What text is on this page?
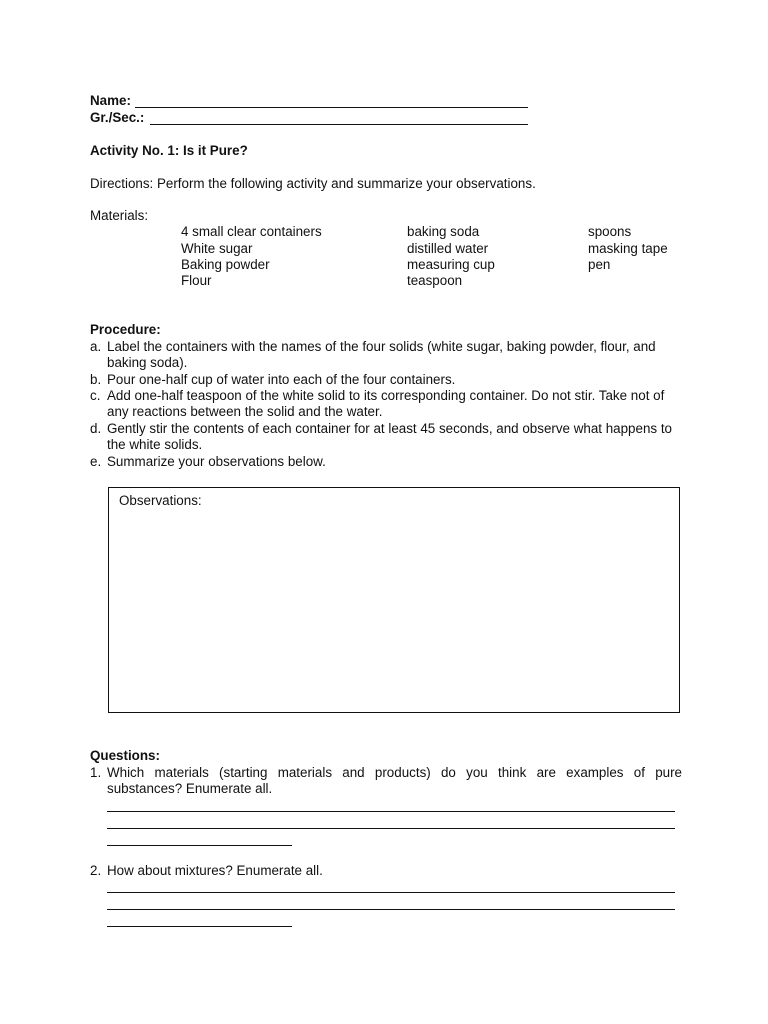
Name:
Gr./Sec.:
Activity No. 1: Is it Pure?
Directions: Perform the following activity and summarize your observations.
Materials:
4 small clear containers
White sugar
Baking powder
Flour
baking soda
distilled water
measuring cup
teaspoon
spoons
masking tape
pen
Procedure:
a. Label the containers with the names of the four solids (white sugar, baking powder, flour, and baking soda).
b. Pour one-half cup of water into each of the four containers.
c. Add one-half teaspoon of the white solid to its corresponding container. Do not stir. Take not of any reactions between the solid and the water.
d. Gently stir the contents of each container for at least 45 seconds, and observe what happens to the white solids.
e. Summarize your observations below.
Observations:
Questions:
1. Which materials (starting materials and products) do you think are examples of pure substances? Enumerate all.
2. How about mixtures? Enumerate all.
